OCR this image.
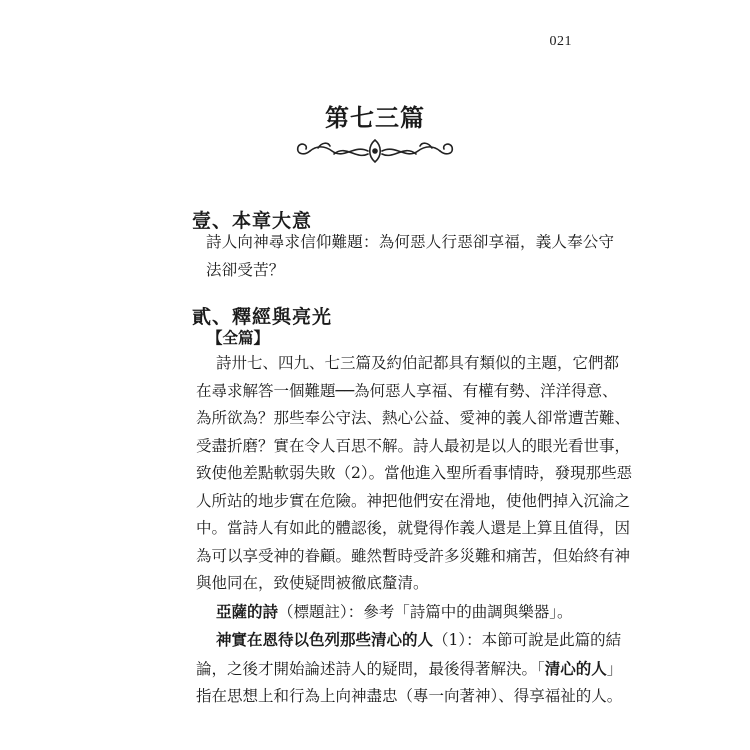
021
第七三篇
壹、本章大意
詩人向神尋求信仰難題：為何惡人行惡卻享福，義人奉公守
法卻受苦？
貳、釋經與亮光
【全篇】
詩卅七、四九、七三篇及約伯記都具有類似的主題，它們都
在尋求解答一個難題──為何惡人享福、有權有勢、洋洋得意、
為所欲為？那些奉公守法、熱心公益、愛神的義人卻常遭苦難、
受盡折磨？實在令人百思不解。詩人最初是以人的眼光看世事，
致使他差點軟弱失敗（2）。當他進入聖所看事情時，發現那些惡
人所站的地步實在危險。神把他們安在滑地，使他們掉入沉淪之
中。當詩人有如此的體認後，就覺得作義人還是上算且值得，因
為可以享受神的眷顧。雖然暫時受許多災難和痛苦，但始終有神
與他同在，致使疑問被徹底釐清。
亞薩的詩（標題註）：參考「詩篇中的曲調與樂器」。
神實在恩待以色列那些清心的人（1）：本節可說是此篇的結
論，之後才開始論述詩人的疑問，最後得著解決。「清心的人」
指在思想上和行為上向神盡忠（專一向著神）、得享福祉的人。
